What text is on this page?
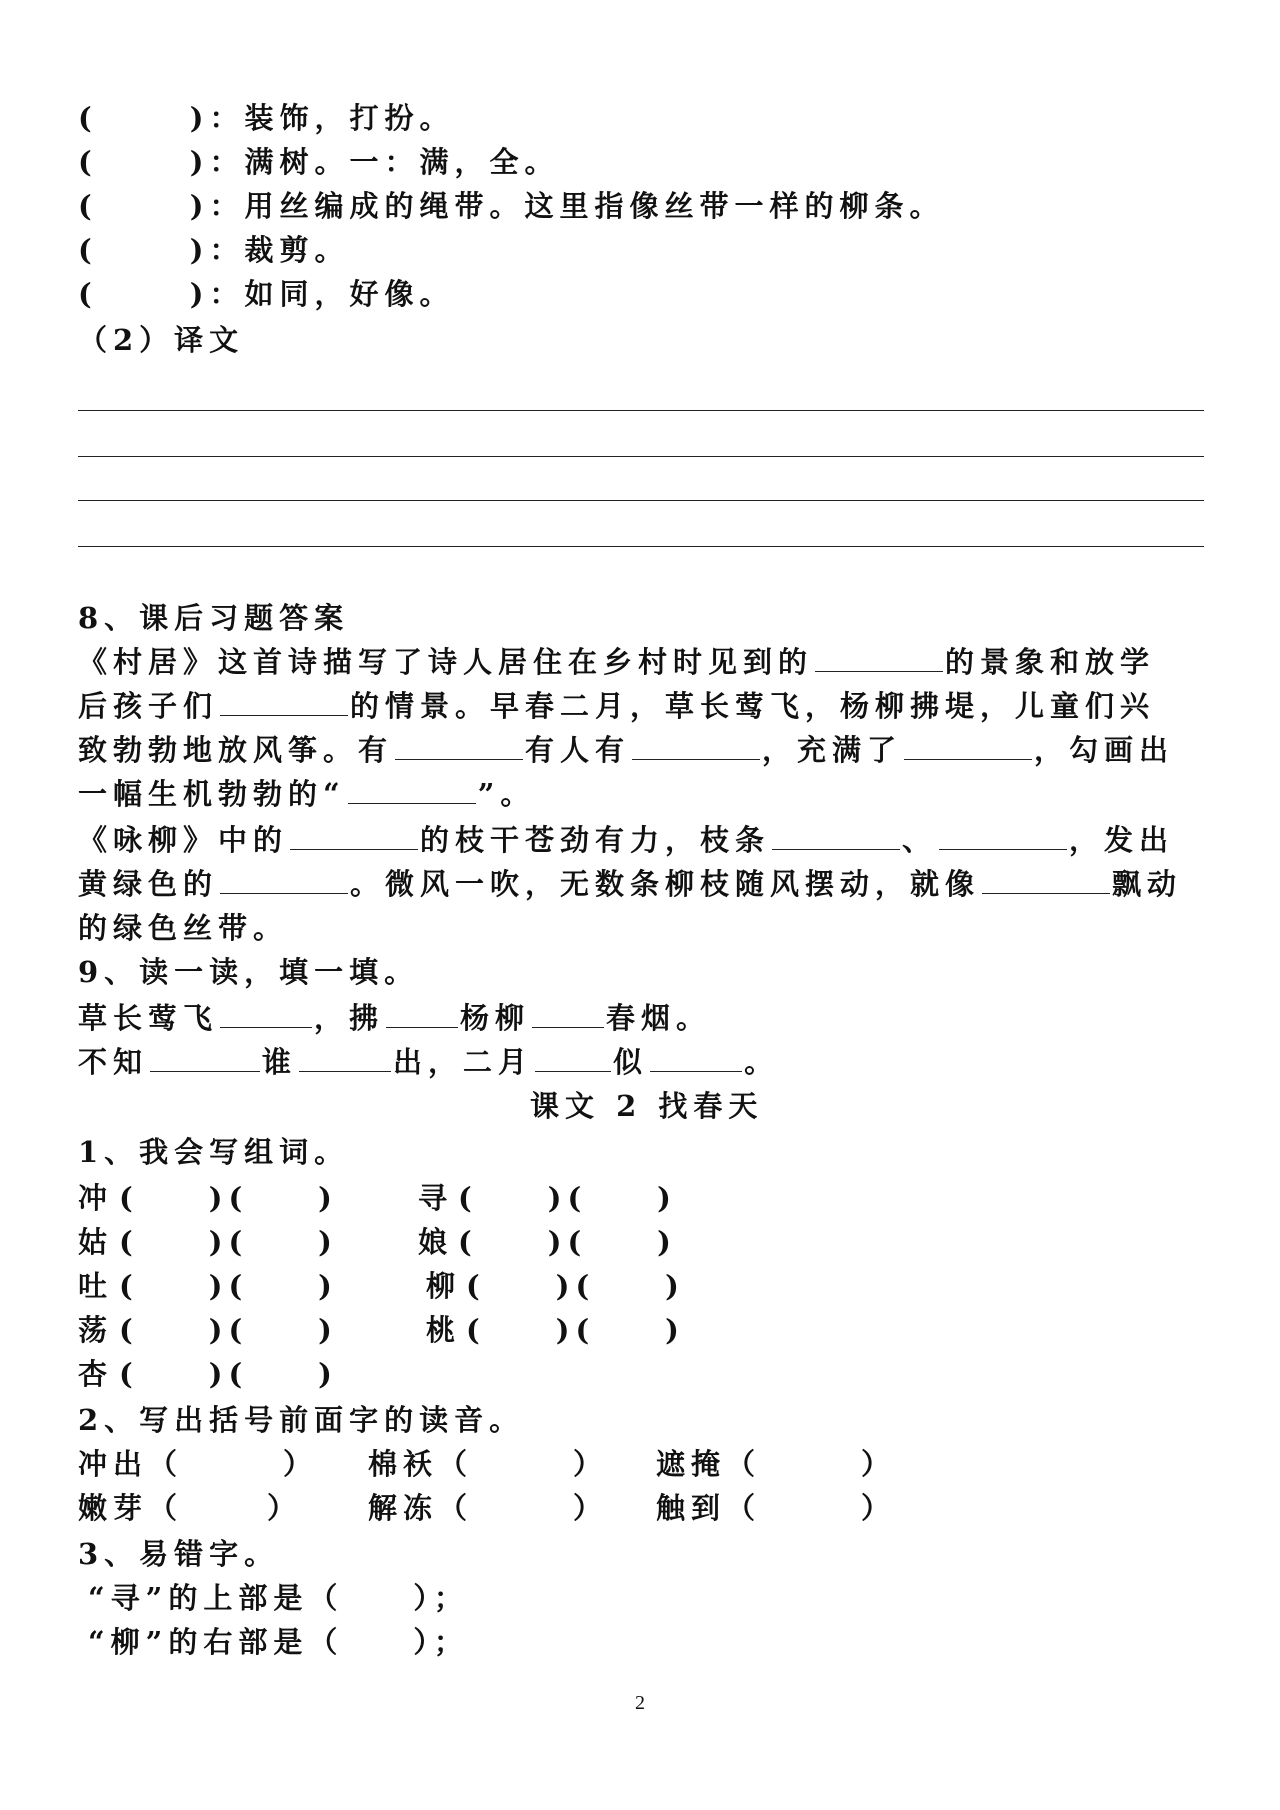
(	)：装饰，打扮。
(	)：满树。一：满，全。
(	)：用丝编成的绳带。这里指像丝带一样的柳条。
(	)：裁剪。
(	)：如同，好像。
（2）译文
8、课后习题答案
《村居》这首诗描写了诗人居住在乡村时见到的	的景象和放学
后孩子们	的情景。早春二月，草长莺飞，杨柳拂堤，儿童们兴
致勃勃地放风筝。有	有人有	，充满了	，勾画出
一幅生机勃勃的“	”。
《咏柳》中的	的枝干苍劲有力，枝条	、	，发出
黄绿色的	。微风一吹，无数条柳枝随风摆动，就像	飘动
的绿色丝带。
9、读一读，填一填。
草长莺飞	，拂	杨柳	春烟。
不知	谁	出，二月	似	。
课文 2 找春天
1、我会写组词。
冲 (　　)(　　)	寻 (　　)(　　)
姑 (　　)(　　)	娘 (　　)(　　)
吐 (　　)(　　)	柳 (　　)(　　)
荡 (　　)(　　)	桃 (　　)(　　)
杏 (　　)(　　)
2、写出括号前面字的读音。
冲出（	） 棉袄（	） 遮掩（	）
嫩芽（	） 解冻（	） 触到（	）
3、易错字。
“寻”的上部是（　　）；
“柳”的右部是（　　）；
2
